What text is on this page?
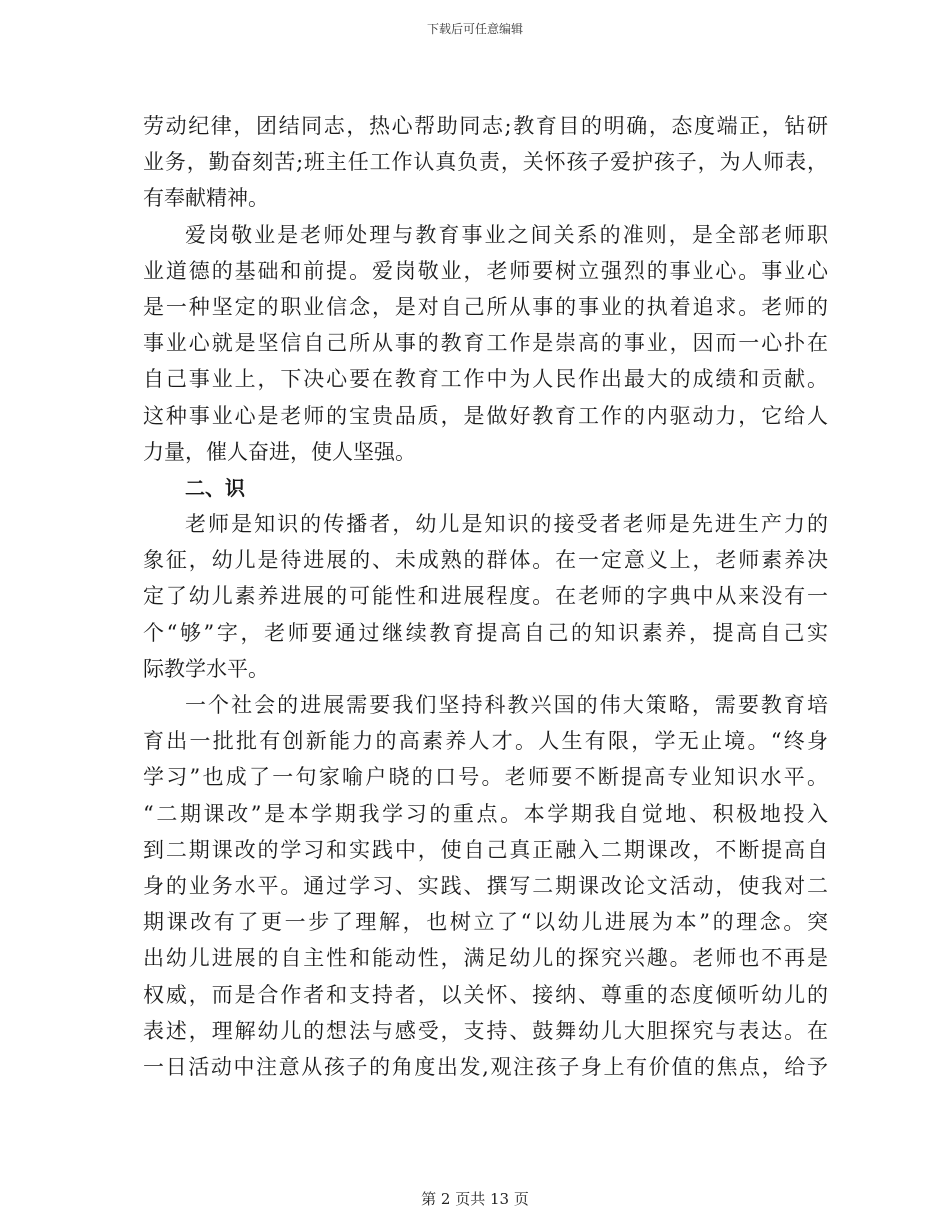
下载后可任意编辑
劳动纪律，团结同志，热心帮助同志;教育目的明确，态度端正，钻研
业务，勤奋刻苦;班主任工作认真负责，关怀孩子爱护孩子，为人师表，
有奉献精神。
爱岗敬业是老师处理与教育事业之间关系的准则，是全部老师职
业道德的基础和前提。爱岗敬业，老师要树立强烈的事业心。事业心
是一种坚定的职业信念，是对自己所从事的事业的执着追求。老师的
事业心就是坚信自己所从事的教育工作是崇高的事业，因而一心扑在
自己事业上，下决心要在教育工作中为人民作出最大的成绩和贡献。
这种事业心是老师的宝贵品质，是做好教育工作的内驱动力，它给人
力量，催人奋进，使人坚强。
二、识
老师是知识的传播者，幼儿是知识的接受者老师是先进生产力的
象征，幼儿是待进展的、未成熟的群体。在一定意义上，老师素养决
定了幼儿素养进展的可能性和进展程度。在老师的字典中从来没有一
个“够”字，老师要通过继续教育提高自己的知识素养，提高自己实
际教学水平。
一个社会的进展需要我们坚持科教兴国的伟大策略，需要教育培
育出一批批有创新能力的高素养人才。人生有限，学无止境。“终身
学习”也成了一句家喻户晓的口号。老师要不断提高专业知识水平。
“二期课改”是本学期我学习的重点。本学期我自觉地、积极地投入
到二期课改的学习和实践中，使自己真正融入二期课改，不断提高自
身的业务水平。通过学习、实践、撰写二期课改论文活动，使我对二
期课改有了更一步了理解，也树立了“以幼儿进展为本”的理念。突
出幼儿进展的自主性和能动性，满足幼儿的探究兴趣。老师也不再是
权威，而是合作者和支持者，以关怀、接纳、尊重的态度倾听幼儿的
表述，理解幼儿的想法与感受，支持、鼓舞幼儿大胆探究与表达。在
一日活动中注意从孩子的角度出发,观注孩子身上有价值的焦点，给予
第 2 页共 13 页
